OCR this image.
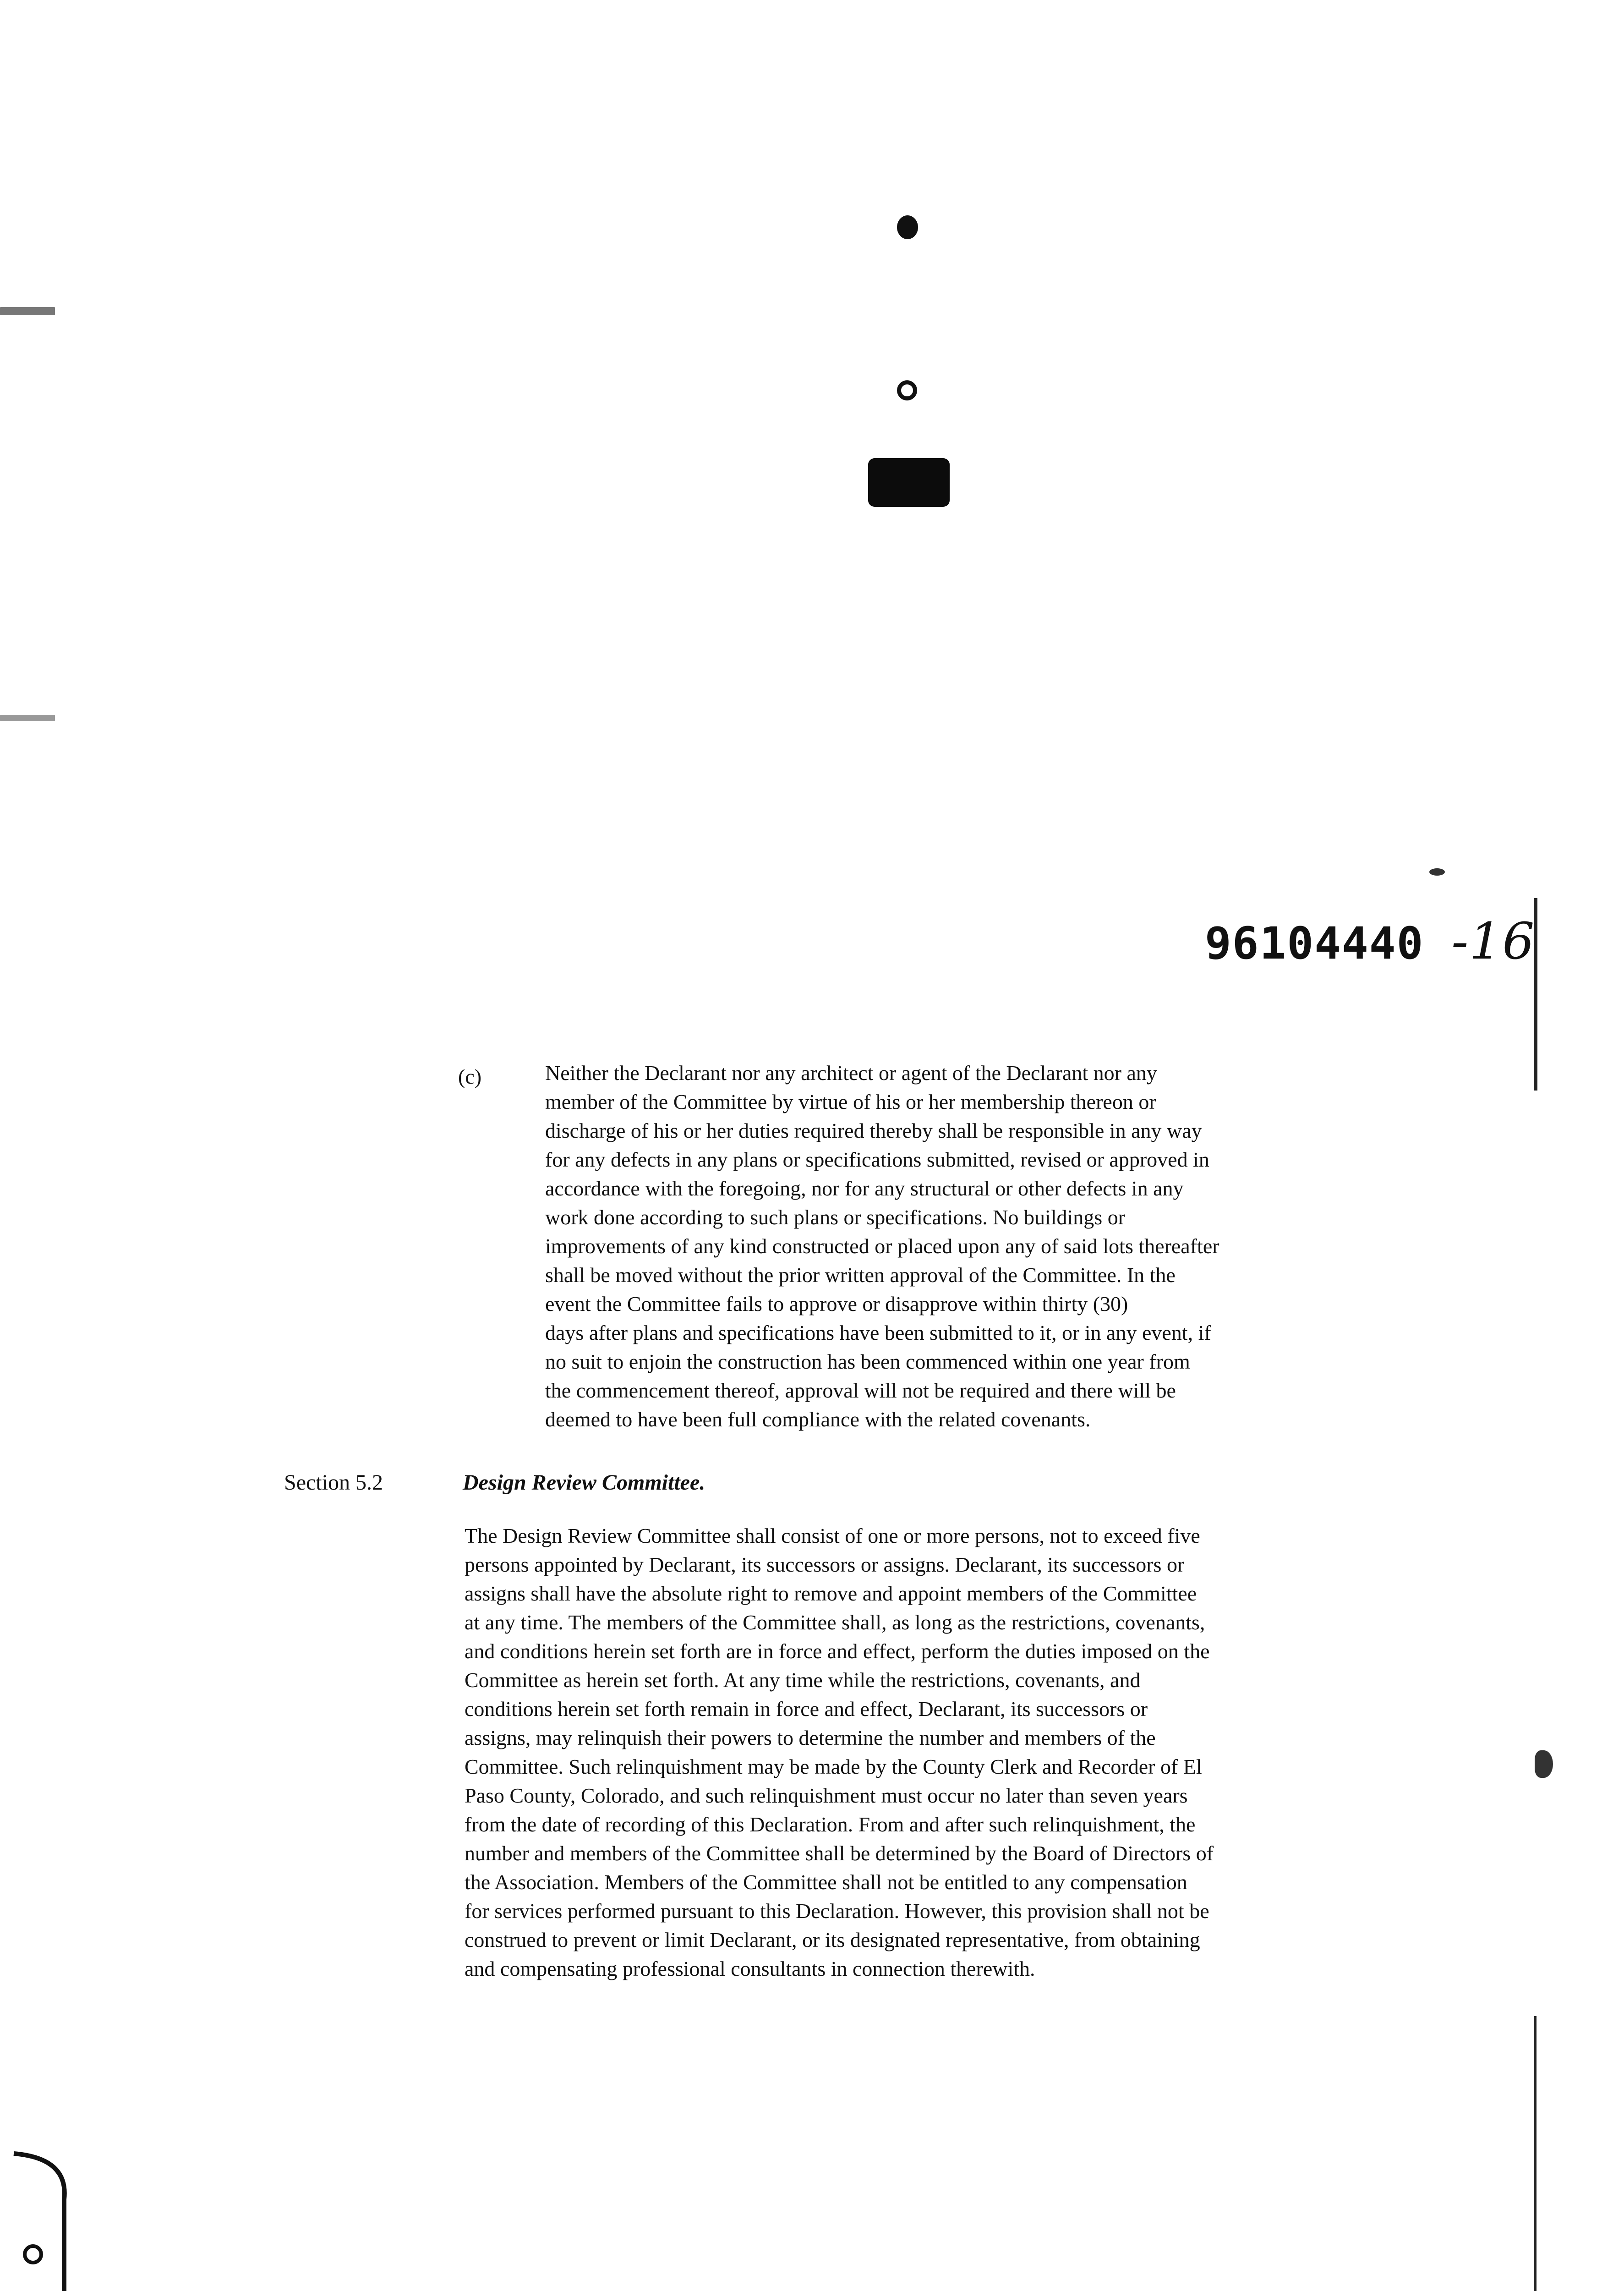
96104440 -16
(c)	Neither the Declarant nor any architect or agent of the Declarant nor any

member of the Committee by virtue of his or her membership thereon or

discharge of his or her duties required thereby shall be responsible in any way

for any defects in any plans or specifications submitted, revised or approved in

accordance with the foregoing, nor for any structural or other defects in any

work done according to such plans or specifications. No buildings or

improvements of any kind constructed or placed upon any of said lots thereafter

shall be moved without the prior written approval of the Committee. In the

event the Committee fails to approve or disapprove within thirty (30)

days after plans and specifications have been submitted to it, or in any event, if

no suit to enjoin the construction has been commenced within one year from

the commencement thereof, approval will not be required and there will be

deemed to have been full compliance with the related covenants.

Section 5.2	Design Review Committee.

The Design Review Committee shall consist of one or more persons, not to exceed five

persons appointed by Declarant, its successors or assigns. Declarant, its successors or

assigns shall have the absolute right to remove and appoint members of the Committee

at any time. The members of the Committee shall, as long as the restrictions, covenants,

and conditions herein set forth are in force and effect, perform the duties imposed on the

Committee as herein set forth. At any time while the restrictions, covenants, and

conditions herein set forth remain in force and effect, Declarant, its successors or

assigns, may relinquish their powers to determine the number and members of the

Committee. Such relinquishment may be made by the County Clerk and Recorder of El

Paso County, Colorado, and such relinquishment must occur no later than seven years

from the date of recording of this Declaration. From and after such relinquishment, the

number and members of the Committee shall be determined by the Board of Directors of

the Association. Members of the Committee shall not be entitled to any compensation

for services performed pursuant to this Declaration. However, this provision shall not be

construed to prevent or limit Declarant, or its designated representative, from obtaining

and compensating professional consultants in connection therewith.
